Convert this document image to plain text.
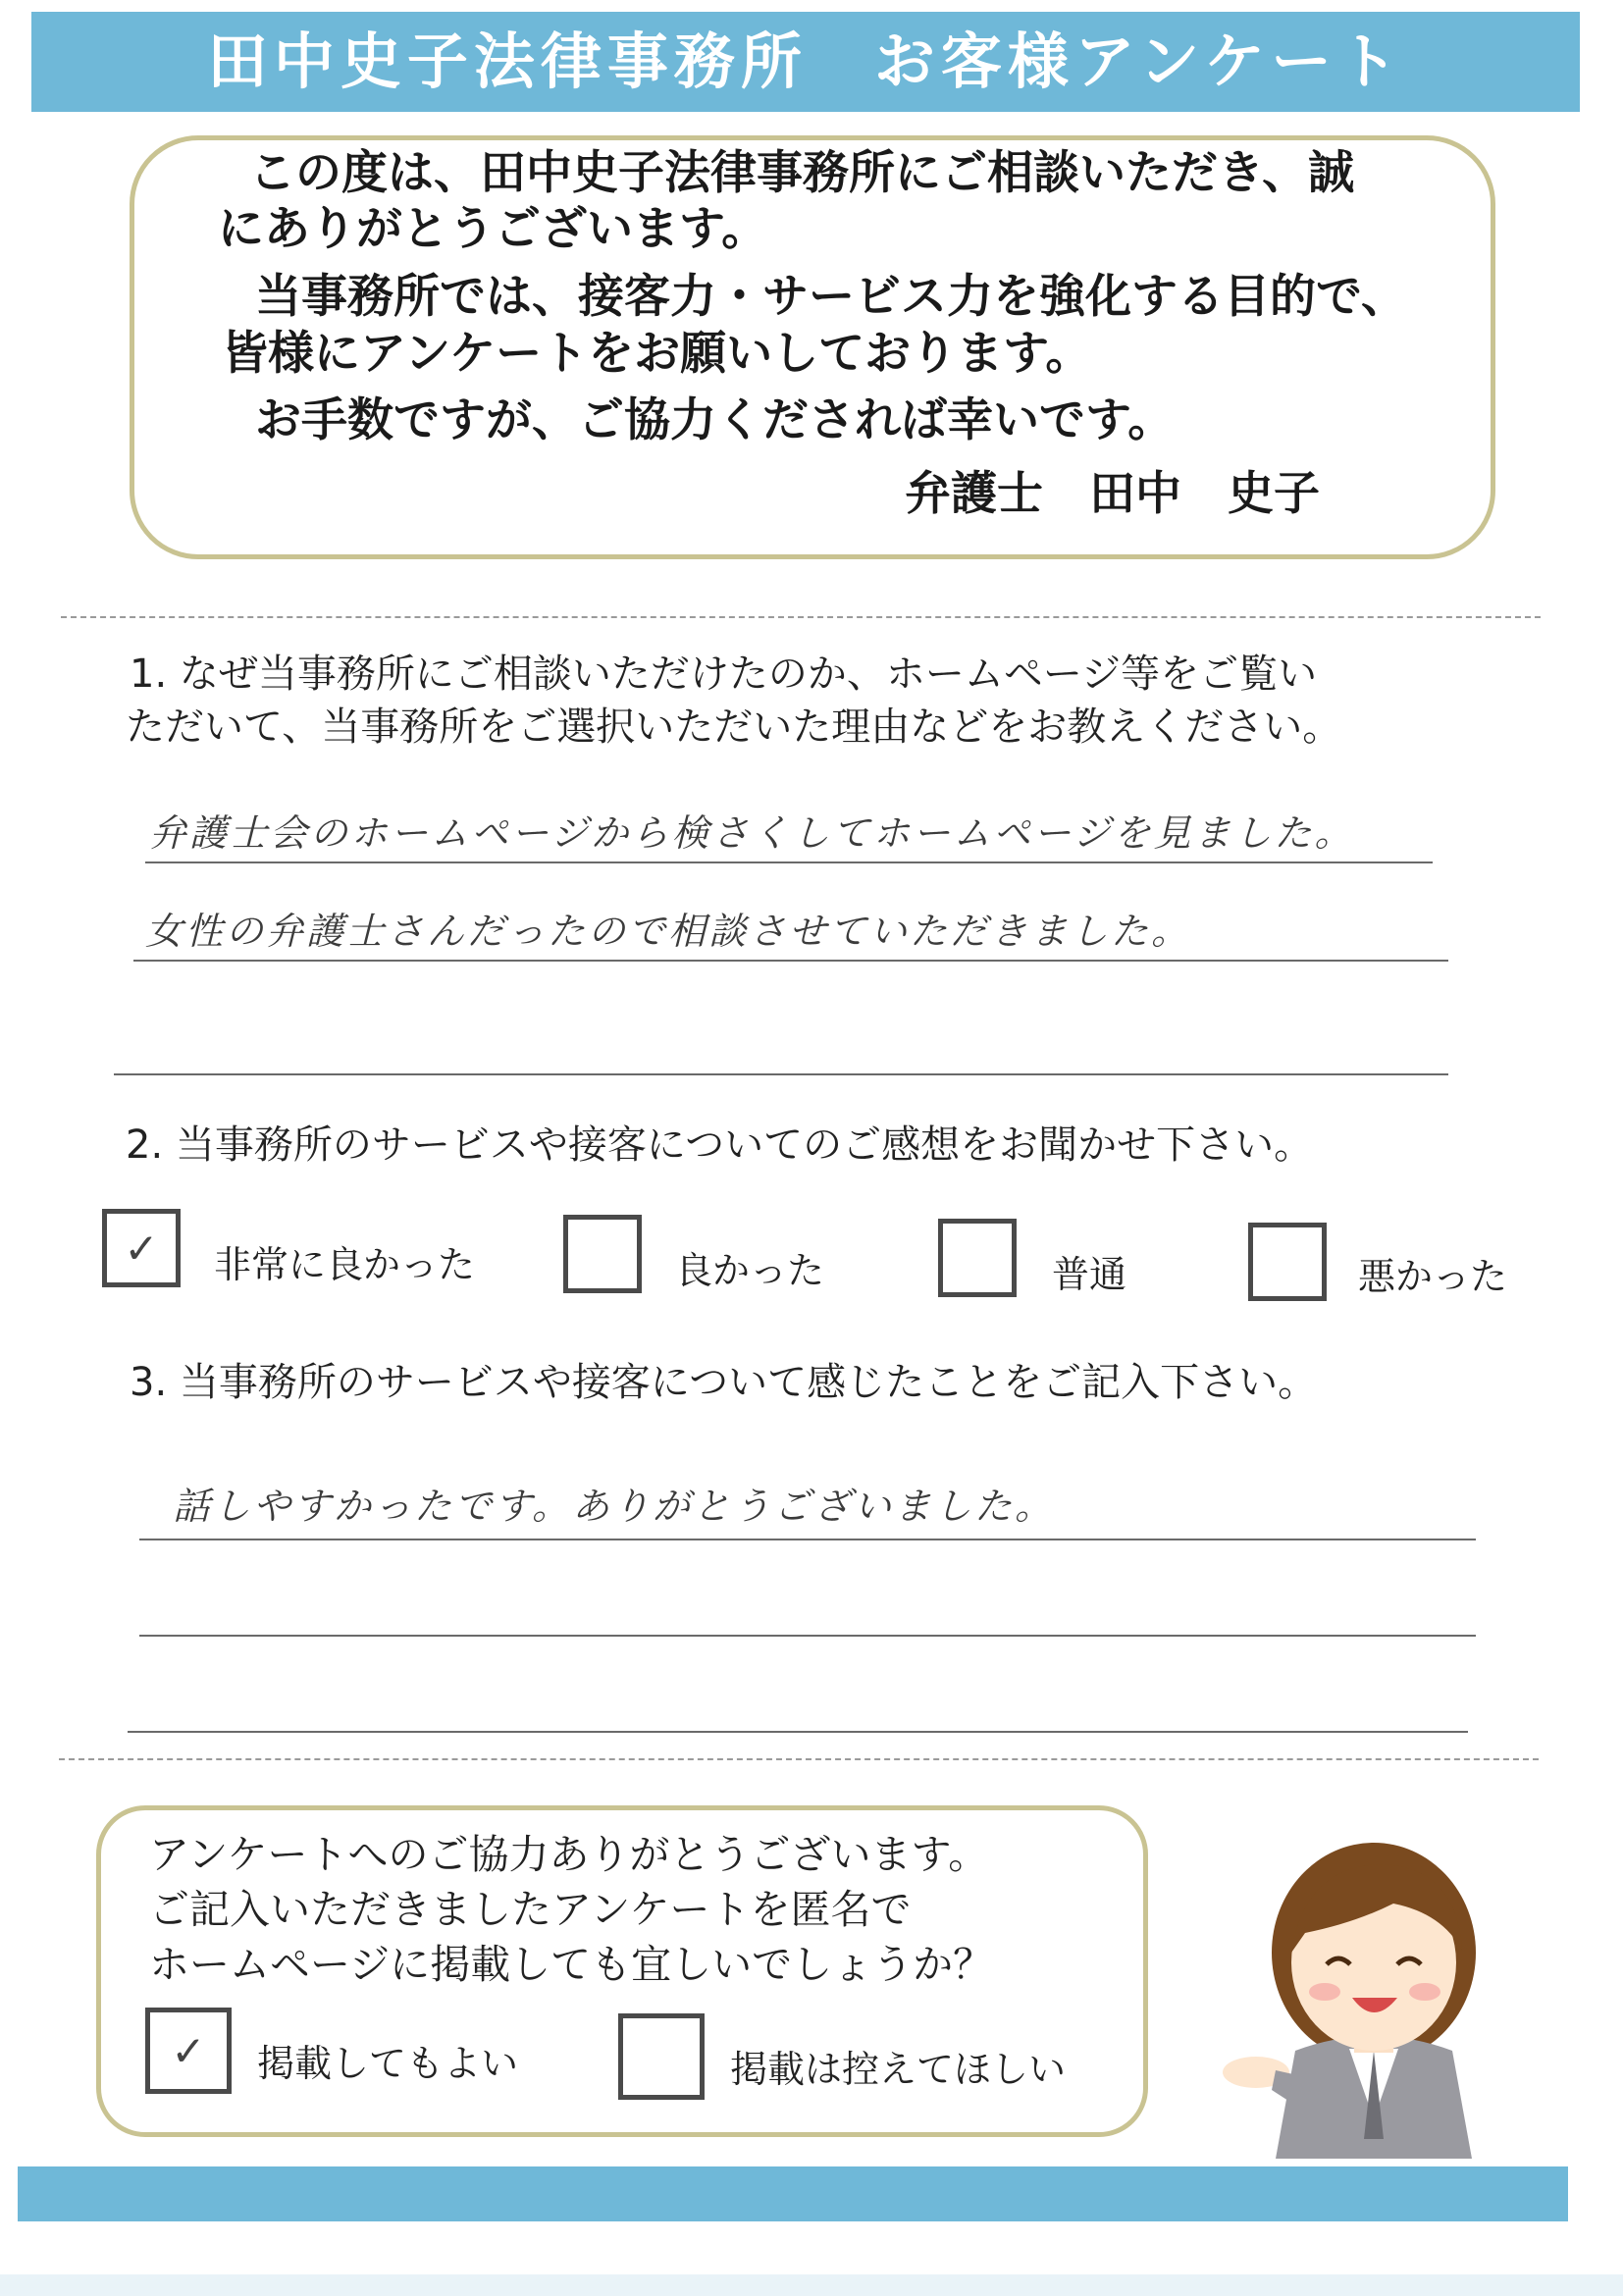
田中史子法律事務所　お客様アンケート
この度は、田中史子法律事務所にご相談いただき、誠
にありがとうございます。
当事務所では、接客力・サービス力を強化する目的で、
皆様にアンケートをお願いしております。
お手数ですが、ご協力くだされば幸いです。
弁護士　田中　史子
1. なぜ当事務所にご相談いただけたのか、ホームページ等をご覧い
ただいて、当事務所をご選択いただいた理由などをお教えください。
弁護士会のホームページから検さくしてホームページを見ました。
女性の弁護士さんだったので相談させていただきました。
2. 当事務所のサービスや接客についてのご感想をお聞かせ下さい。
✓	非常に良かった	良かった	普通	悪かった
3. 当事務所のサービスや接客について感じたことをご記入下さい。
話しやすかったです。ありがとうございました。
アンケートへのご協力ありがとうございます。
ご記入いただきましたアンケートを匿名で
ホームページに掲載しても宜しいでしょうか？
✓	掲載してもよい	掲載は控えてほしい
